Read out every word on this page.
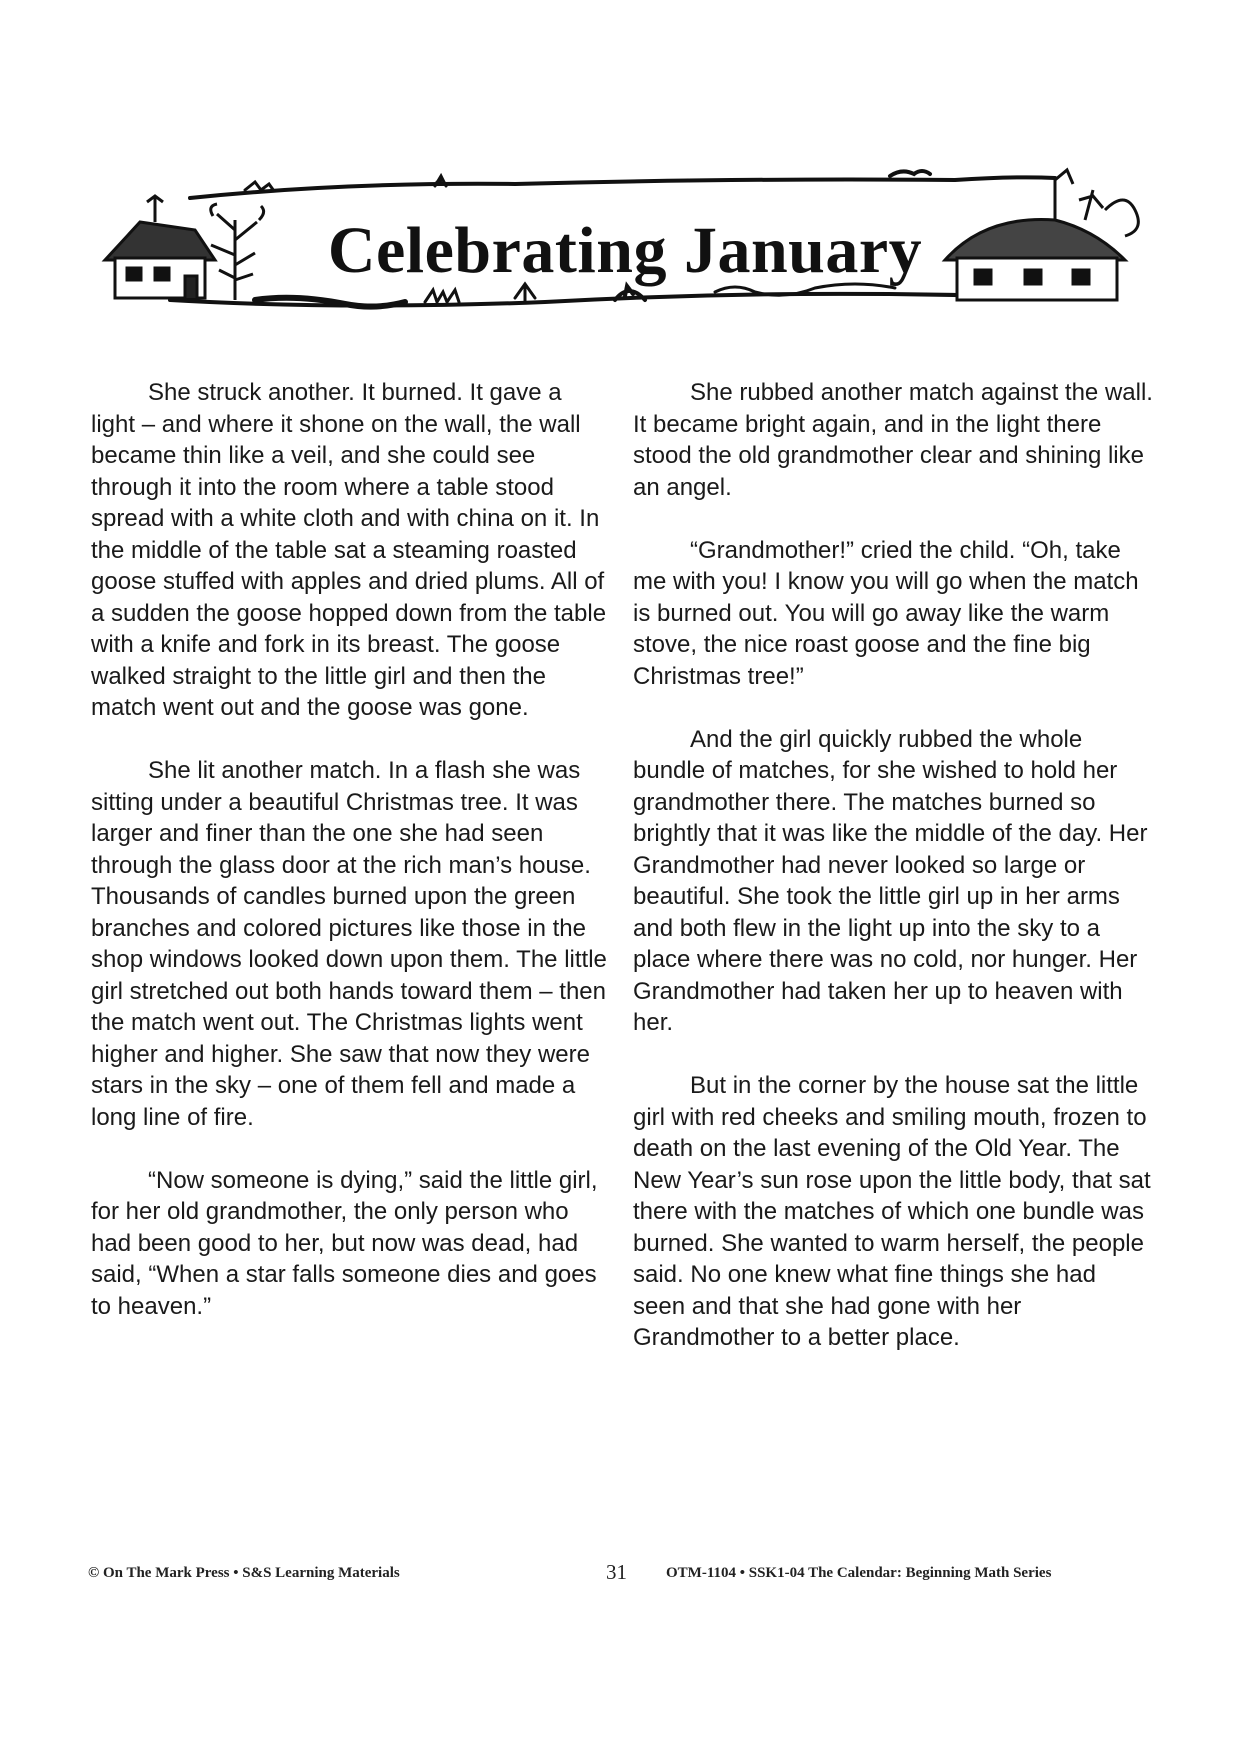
Celebrating January

She struck another. It burned. It gave a light – and where it shone on the wall, the wall became thin like a veil, and she could see through it into the room where a table stood spread with a white cloth and with china on it. In the middle of the table sat a steaming roasted goose stuffed with apples and dried plums. All of a sudden the goose hopped down from the table with a knife and fork in its breast. The goose walked straight to the little girl and then the match went out and the goose was gone.

She lit another match. In a flash she was sitting under a beautiful Christmas tree. It was larger and finer than the one she had seen through the glass door at the rich man’s house. Thousands of candles burned upon the green branches and colored pictures like those in the shop windows looked down upon them. The little girl stretched out both hands toward them – then the match went out. The Christmas lights went higher and higher. She saw that now they were stars in the sky – one of them fell and made a long line of fire.

“Now someone is dying,” said the little girl, for her old grandmother, the only person who had been good to her, but now was dead, had said, “When a star falls someone dies and goes to heaven.”

She rubbed another match against the wall. It became bright again, and in the light there stood the old grandmother clear and shining like an angel.

“Grandmother!” cried the child. “Oh, take me with you! I know you will go when the match is burned out. You will go away like the warm stove, the nice roast goose and the fine big Christmas tree!”

And the girl quickly rubbed the whole bundle of matches, for she wished to hold her grandmother there. The matches burned so brightly that it was like the middle of the day. Her Grandmother had never looked so large or beautiful. She took the little girl up in her arms and both flew in the light up into the sky to a place where there was no cold, nor hunger. Her Grandmother had taken her up to heaven with her.

But in the corner by the house sat the little girl with red cheeks and smiling mouth, frozen to death on the last evening of the Old Year. The New Year’s sun rose upon the little body, that sat there with the matches of which one bundle was burned. She wanted to warm herself, the people said. No one knew what fine things she had seen and that she had gone with her Grandmother to a better place.

© On The Mark Press • S&S Learning Materials	31	OTM-1104 • SSK1-04 The Calendar: Beginning Math Series
